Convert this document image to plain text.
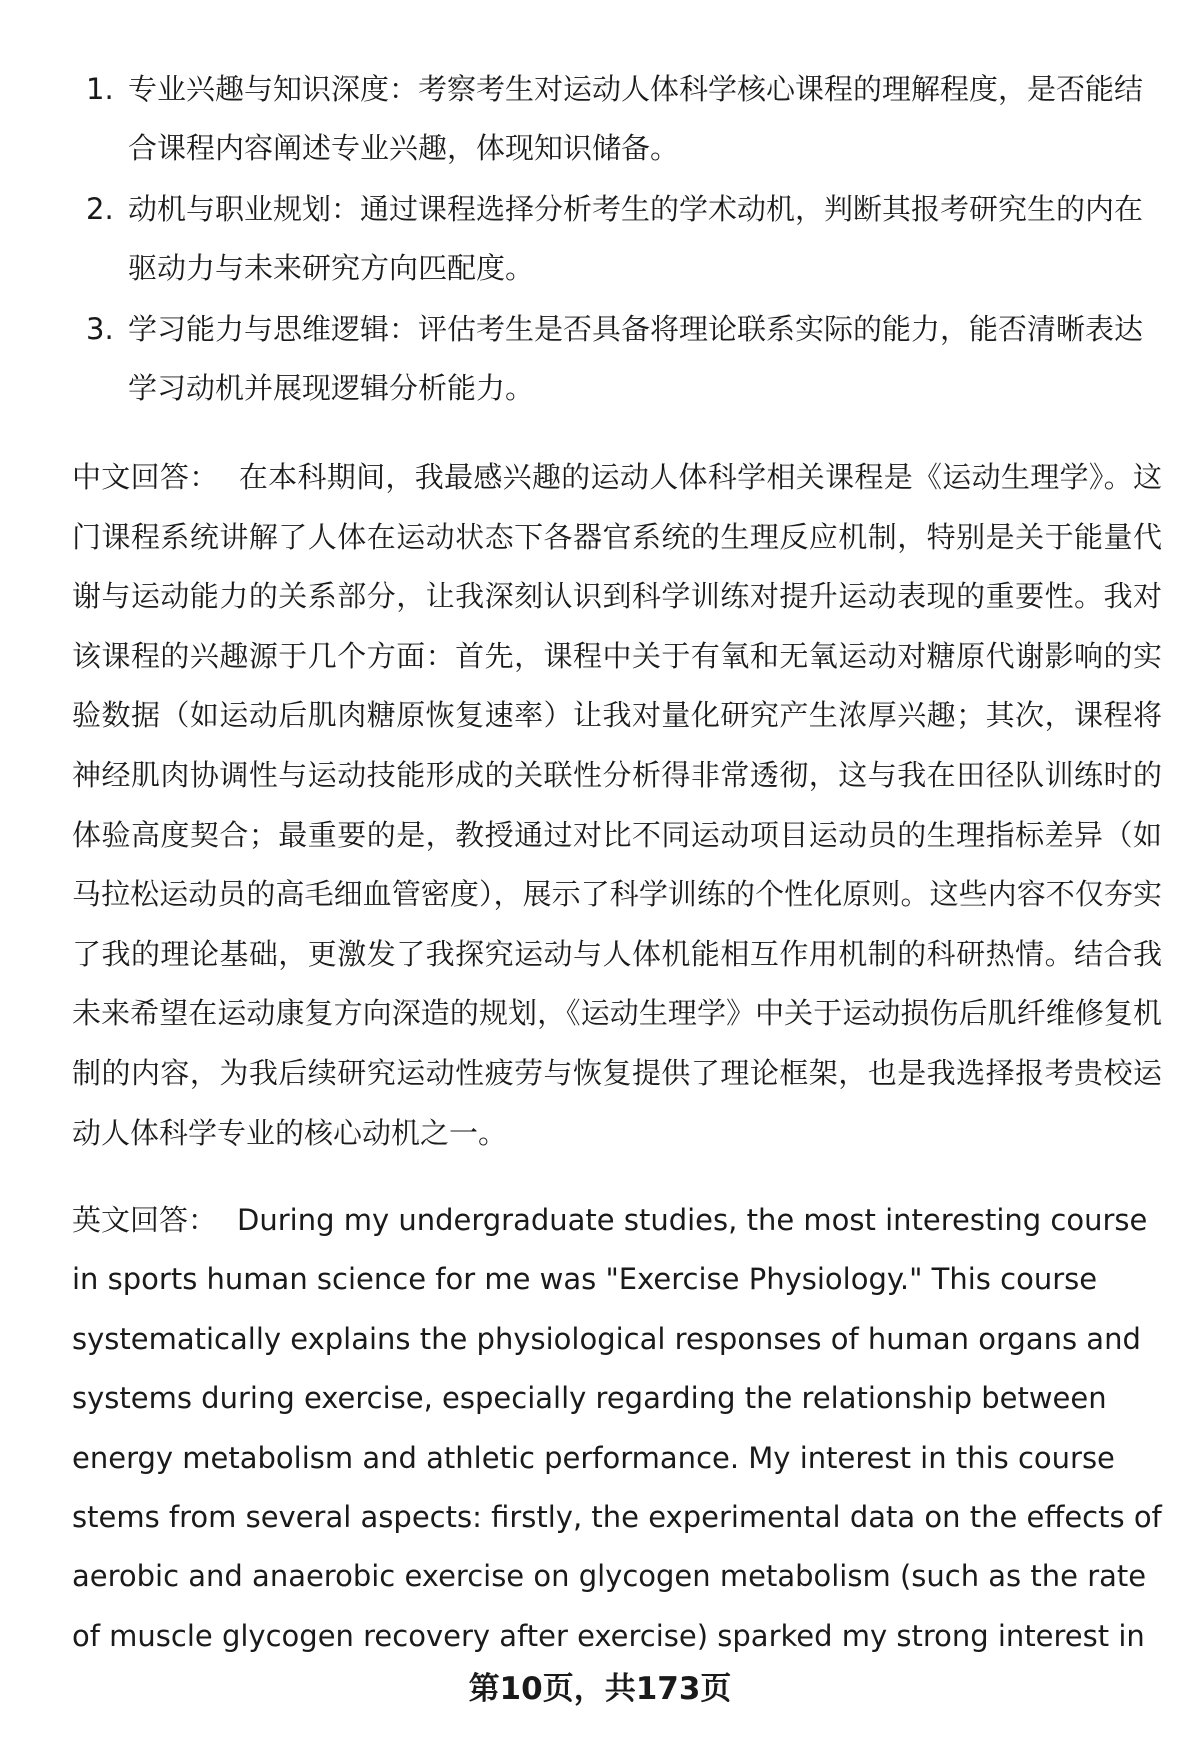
1. 专业兴趣与知识深度：考察考生对运动人体科学核心课程的理解程度，是否能结合课程内容阐述专业兴趣，体现知识储备。
2. 动机与职业规划：通过课程选择分析考生的学术动机，判断其报考研究生的内在驱动力与未来研究方向匹配度。
3. 学习能力与思维逻辑：评估考生是否具备将理论联系实际的能力，能否清晰表达学习动机并展现逻辑分析能力。

中文回答： 在本科期间，我最感兴趣的运动人体科学相关课程是《运动生理学》。这门课程系统讲解了人体在运动状态下各器官系统的生理反应机制，特别是关于能量代谢与运动能力的关系部分，让我深刻认识到科学训练对提升运动表现的重要性。我对该课程的兴趣源于几个方面：首先，课程中关于有氧和无氧运动对糖原代谢影响的实验数据（如运动后肌肉糖原恢复速率）让我对量化研究产生浓厚兴趣；其次，课程将神经肌肉协调性与运动技能形成的关联性分析得非常透彻，这与我在田径队训练时的体验高度契合；最重要的是，教授通过对比不同运动项目运动员的生理指标差异（如马拉松运动员的高毛细血管密度），展示了科学训练的个性化原则。这些内容不仅夯实了我的理论基础，更激发了我探究运动与人体机能相互作用机制的科研热情。结合我未来希望在运动康复方向深造的规划，《运动生理学》中关于运动损伤后肌纤维修复机制的内容，为我后续研究运动性疲劳与恢复提供了理论框架，也是我选择报考贵校运动人体科学专业的核心动机之一。

英文回答： During my undergraduate studies, the most interesting course in sports human science for me was "Exercise Physiology." This course systematically explains the physiological responses of human organs and systems during exercise, especially regarding the relationship between energy metabolism and athletic performance. My interest in this course stems from several aspects: firstly, the experimental data on the effects of aerobic and anaerobic exercise on glycogen metabolism (such as the rate of muscle glycogen recovery after exercise) sparked my strong interest in

第10页，共173页
